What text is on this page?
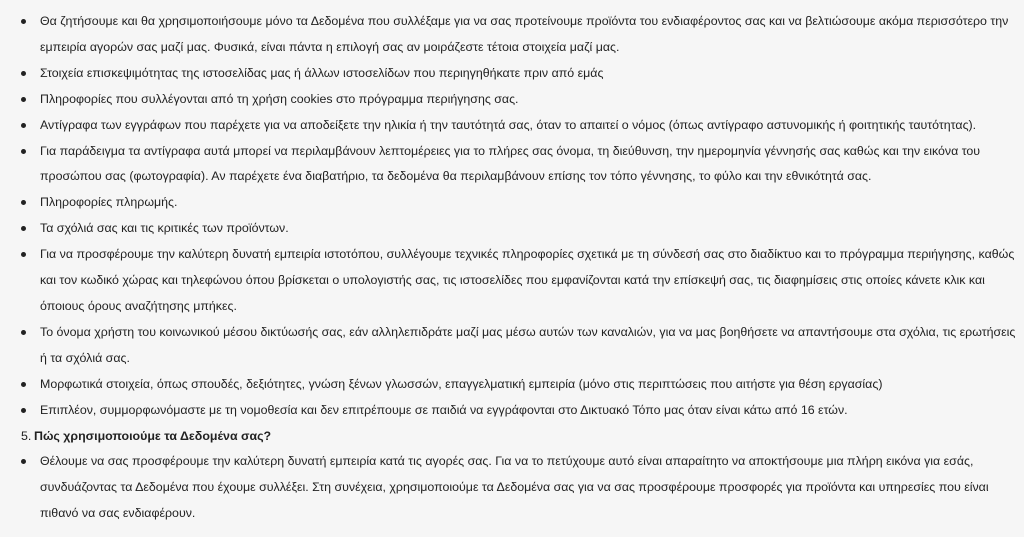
Θα ζητήσουμε και θα χρησιμοποιήσουμε μόνο τα Δεδομένα που συλλέξαμε για να σας προτείνουμε προϊόντα του ενδιαφέροντος σας και να βελτιώσουμε ακόμα περισσότερο την εμπειρία αγορών σας μαζί μας. Φυσικά, είναι πάντα η επιλογή σας αν μοιράζεστε τέτοια στοιχεία μαζί μας.
Στοιχεία επισκεψιμότητας της ιστοσελίδας μας ή άλλων ιστοσελίδων που περιηγηθήκατε πριν από εμάς
Πληροφορίες που συλλέγονται από τη χρήση cookies στο πρόγραμμα περιήγησης σας.
Αντίγραφα των εγγράφων που παρέχετε για να αποδείξετε την ηλικία ή την ταυτότητά σας, όταν το απαιτεί ο νόμος (όπως αντίγραφο αστυνομικής ή φοιτητικής ταυτότητας).
Για παράδειγμα τα αντίγραφα αυτά μπορεί να περιλαμβάνουν λεπτομέρειες για το πλήρες σας όνομα, τη διεύθυνση, την ημερομηνία γέννησής σας καθώς και την εικόνα του προσώπου σας (φωτογραφία). Αν παρέχετε ένα διαβατήριο, τα δεδομένα θα περιλαμβάνουν επίσης τον τόπο γέννησης, το φύλο και την εθνικότητά σας.
Πληροφορίες πληρωμής.
Τα σχόλιά σας και τις κριτικές των προϊόντων.
Για να προσφέρουμε την καλύτερη δυνατή εμπειρία ιστοτόπου, συλλέγουμε τεχνικές πληροφορίες σχετικά με τη σύνδεσή σας στο διαδίκτυο και το πρόγραμμα περιήγησης, καθώς και τον κωδικό χώρας και τηλεφώνου όπου βρίσκεται ο υπολογιστής σας, τις ιστοσελίδες που εμφανίζονται κατά την επίσκεψή σας, τις διαφημίσεις στις οποίες κάνετε κλικ και όποιους όρους αναζήτησης μπήκες.
Το όνομα χρήστη του κοινωνικού μέσου δικτύωσής σας, εάν αλληλεπιδράτε μαζί μας μέσω αυτών των καναλιών, για να μας βοηθήσετε να απαντήσουμε στα σχόλια, τις ερωτήσεις ή τα σχόλιά σας.
Μορφωτικά στοιχεία, όπως σπουδές, δεξιότητες, γνώση ξένων γλωσσών, επαγγελματική εμπειρία (μόνο στις περιπτώσεις που αιτήστε για θέση εργασίας)
Επιπλέον, συμμορφωνόμαστε με τη νομοθεσία και δεν επιτρέπουμε σε παιδιά να εγγράφονται στο Δικτυακό Τόπο μας όταν είναι κάτω από 16 ετών.
5. Πώς χρησιμοποιούμε τα Δεδομένα σας?
Θέλουμε να σας προσφέρουμε την καλύτερη δυνατή εμπειρία κατά τις αγορές σας. Για να το πετύχουμε αυτό είναι απαραίτητο να αποκτήσουμε μια πλήρη εικόνα για εσάς, συνδυάζοντας τα Δεδομένα που έχουμε συλλέξει. Στη συνέχεια, χρησιμοποιούμε τα Δεδομένα σας για να σας προσφέρουμε προσφορές για προϊόντα και υπηρεσίες που είναι πιθανό να σας ενδιαφέρουν.
